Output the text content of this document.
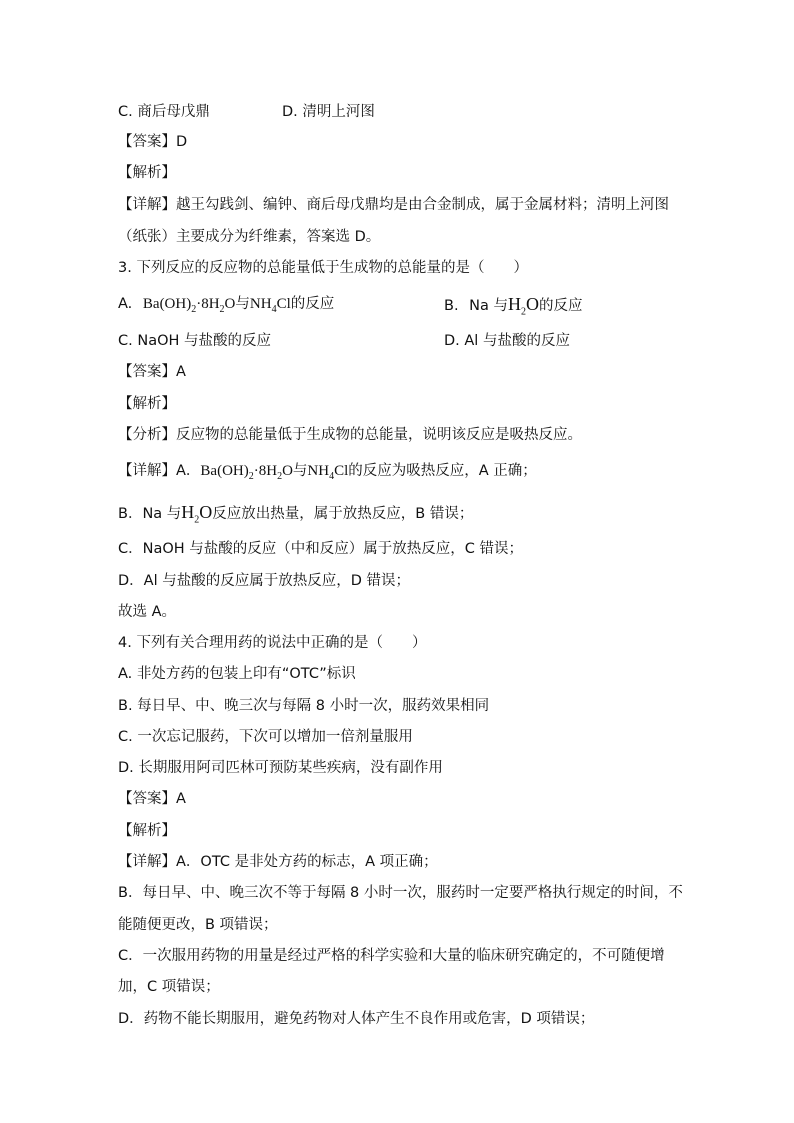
C. 商后母戊鼎	D. 清明上河图
【答案】D
【解析】
【详解】越王勾践剑、编钟、商后母戊鼎均是由合金制成，属于金属材料；清明上河图
（纸张）主要成分为纤维素，答案选 D。
3. 下列反应的反应物的总能量低于生成物的总能量的是（　　）
A. $Ba(OH)_2\cdot 8H_2O$与$NH_4Cl$的反应	B. Na 与$H_2O$的反应
C. NaOH 与盐酸的反应	D. Al 与盐酸的反应
【答案】A
【解析】
【分析】反应物的总能量低于生成物的总能量，说明该反应是吸热反应。
【详解】A．$Ba(OH)_2\cdot 8H_2O$与$NH_4Cl$的反应为吸热反应，A 正确；
B．Na 与$H_2O$反应放出热量，属于放热反应，B 错误；
C．NaOH 与盐酸的反应（中和反应）属于放热反应，C 错误；
D．Al 与盐酸的反应属于放热反应，D 错误；
故选 A。
4. 下列有关合理用药的说法中正确的是（　　）
A. 非处方药的包装上印有“OTC”标识
B. 每日早、中、晚三次与每隔 8 小时一次，服药效果相同
C. 一次忘记服药，下次可以增加一倍剂量服用
D. 长期服用阿司匹林可预防某些疾病，没有副作用
【答案】A
【解析】
【详解】A．OTC 是非处方药的标志，A 项正确；
B．每日早、中、晚三次不等于每隔 8 小时一次，服药时一定要严格执行规定的时间，不
能随便更改，B 项错误；
C．一次服用药物的用量是经过严格的科学实验和大量的临床研究确定的，不可随便增
加，C 项错误；
D．药物不能长期服用，避免药物对人体产生不良作用或危害，D 项错误；
